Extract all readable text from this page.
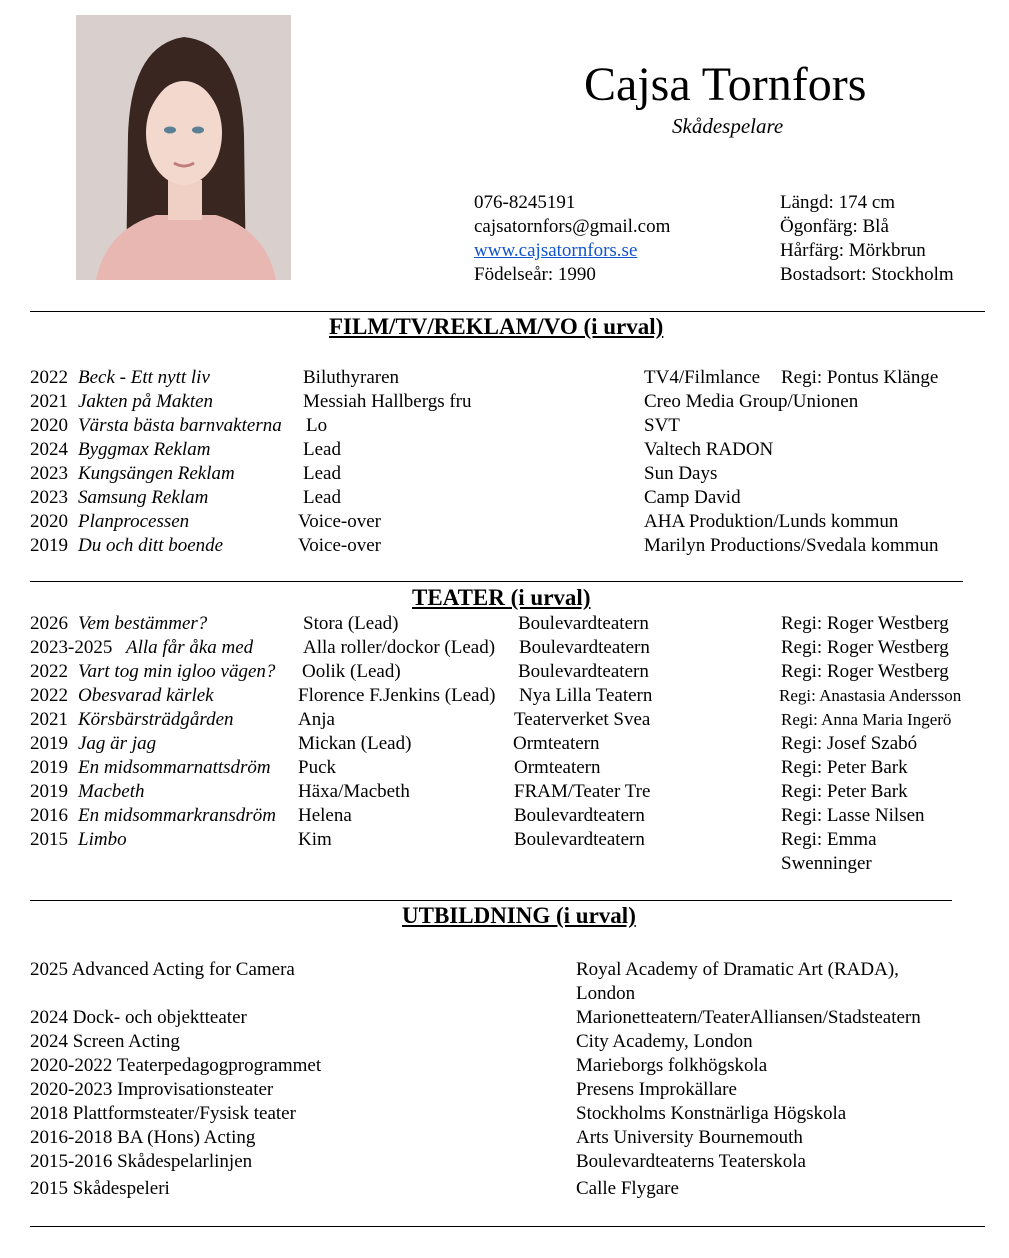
Cajsa Tornfors
Skådespelare
076-8245191
cajsatornfors@gmail.com
www.cajsatornfors.se
Födelseår: 1990
Längd: 174 cm
Ögonfärg: Blå
Hårfärg: Mörkbrun
Bostadsort: Stockholm
FILM/TV/REKLAM/VO (i urval)
2022 Beck - Ett nytt liv	Biluthyraren	TV4/Filmlance Regi: Pontus Klänge
2021 Jakten på Makten	Messiah Hallbergs fru	Creo Media Group/Unionen
2020 Värsta bästa barnvakterna Lo	SVT
2024 Byggmax Reklam	Lead	Valtech RADON
2023 Kungsängen Reklam	Lead	Sun Days
2023 Samsung Reklam	Lead	Camp David
2020 Planprocessen	Voice-over	AHA Produktion/Lunds kommun
2019 Du och ditt boende	Voice-over	Marilyn Productions/Svedala kommun
TEATER (i urval)
2026 Vem bestämmer?	Stora (Lead)	Boulevardteatern	Regi: Roger Westberg
2023-2025 Alla får åka med	Alla roller/dockor (Lead) Boulevardteatern	Regi: Roger Westberg
2022 Vart tog min igloo vägen? Oolik (Lead)	Boulevardteatern	Regi: Roger Westberg
2022 Obesvarad kärlek	Florence F.Jenkins (Lead) Nya Lilla Teatern	Regi: Anastasia Andersson
2021 Körsbärsträdgården	Anja	Teaterverket Svea	Regi: Anna Maria Ingerö
2019 Jag är jag	Mickan (Lead)	Ormteatern	Regi: Josef Szabó
2019 En midsommarnattsdröm Puck	Ormteatern	Regi: Peter Bark
2019 Macbeth	Häxa/Macbeth	FRAM/Teater Tre	Regi: Peter Bark
2016 En midsommarkransdröm Helena	Boulevardteatern	Regi: Lasse Nilsen
2015 Limbo	Kim	Boulevardteatern	Regi: Emma
Swenninger
UTBILDNING (i urval)
2025 Advanced Acting for Camera	Royal Academy of Dramatic Art (RADA),
London
2024 Dock- och objektteater	Marionetteatern/TeaterAlliansen/Stadsteatern
2024 Screen Acting	City Academy, London
2020-2022 Teaterpedagogprogrammet	Marieborgs folkhögskola
2020-2023 Improvisationsteater	Presens Improkällare
2018 Plattformsteater/Fysisk teater	Stockholms Konstnärliga Högskola
2016-2018 BA (Hons) Acting	Arts University Bournemouth
2015-2016 Skådespelarlinjen	Boulevardteaterns Teaterskola
2015 Skådespeleri	Calle Flygare
